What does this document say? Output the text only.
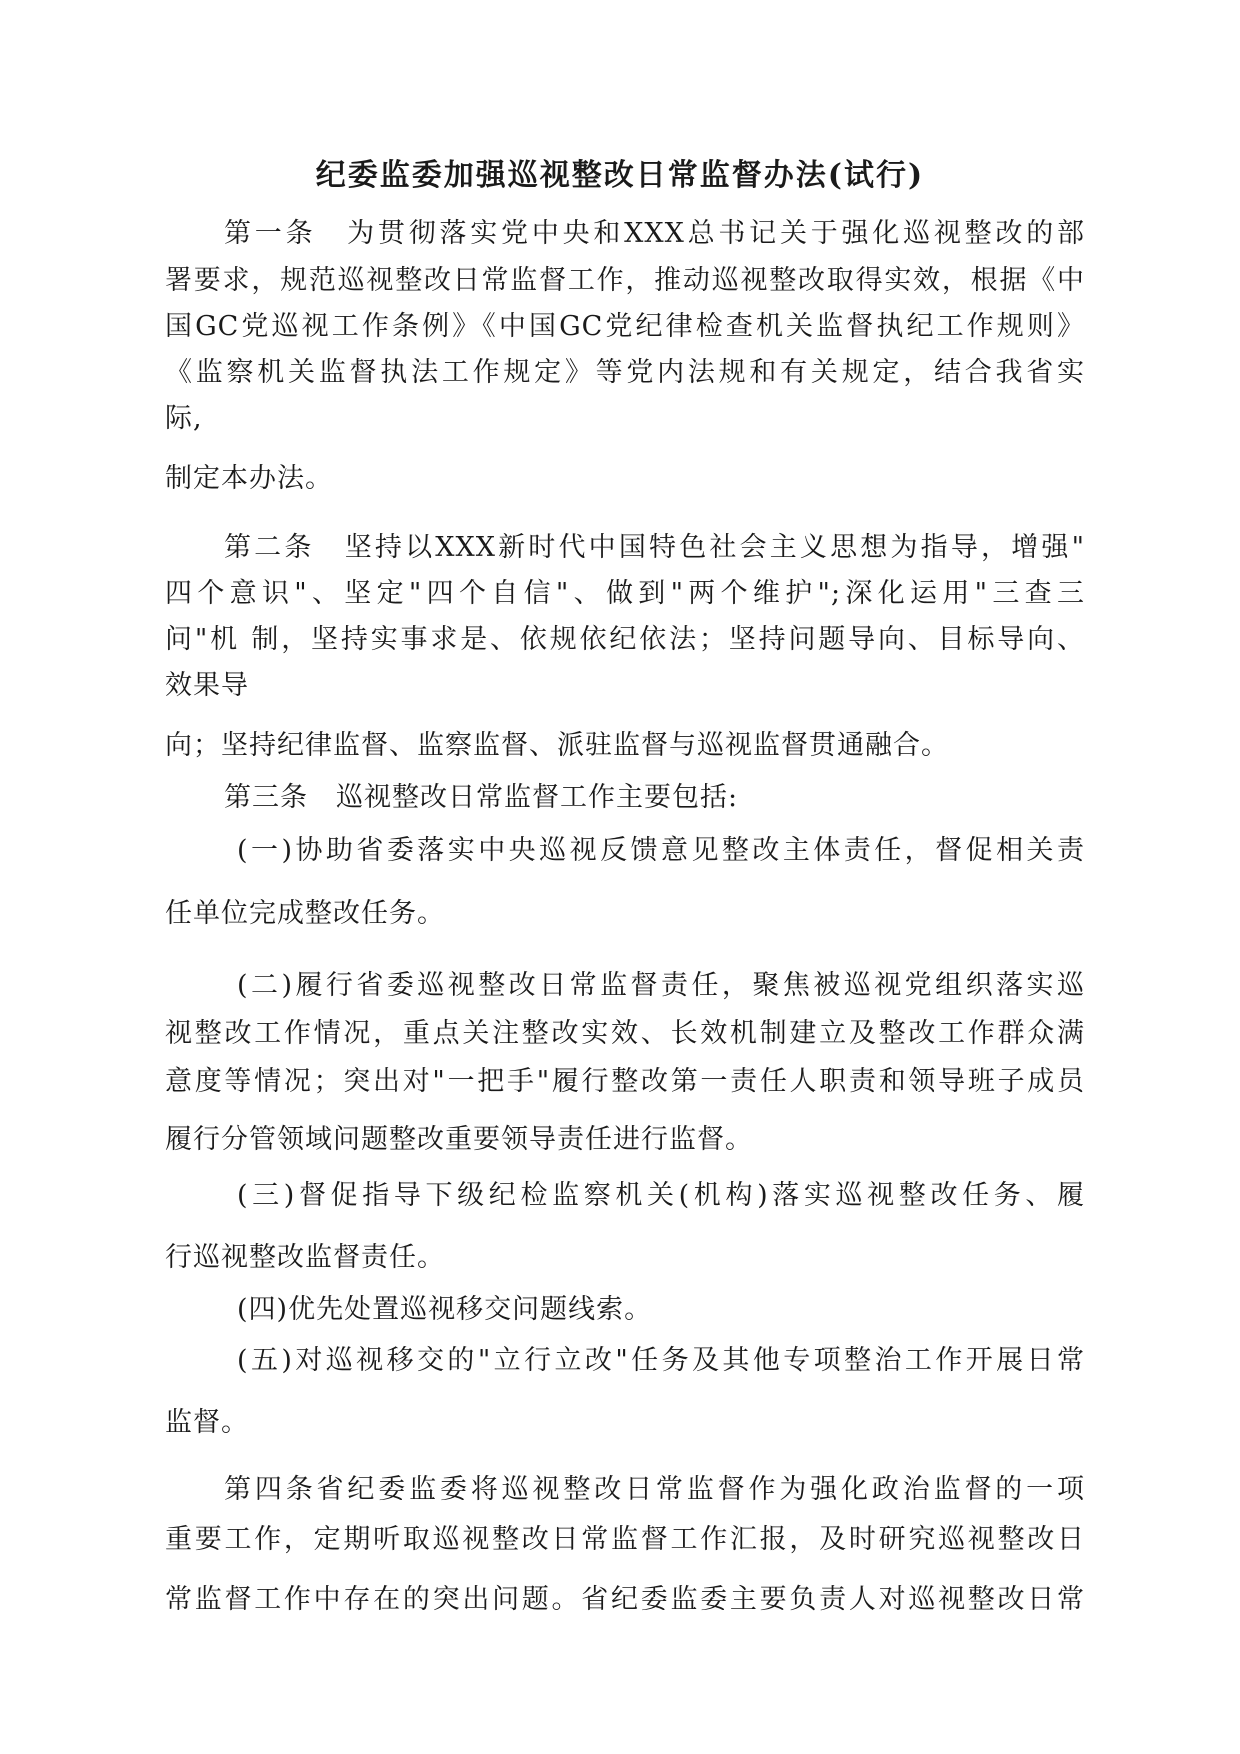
纪委监委加强巡视整改日常监督办法(试行)
第一条　为贯彻落实党中央和XXX总书记关于强化巡视整改的部
署要求，规范巡视整改日常监督工作，推动巡视整改取得实效，根据《中
国GC党巡视工作条例》《中国GC党纪律检查机关监督执纪工作规则》
《监察机关监督执法工作规定》等党内法规和有关规定，结合我省实
际,
制定本办法。
第二条　坚持以XXX新时代中国特色社会主义思想为指导，增强"
四个意识"、坚定"四个自信"、做到"两个维护";深化运用"三查三
问"机 制，坚持实事求是、依规依纪依法；坚持问题导向、目标导向、
效果导
向；坚持纪律监督、监察监督、派驻监督与巡视监督贯通融合。
第三条　巡视整改日常监督工作主要包括:
(一)协助省委落实中央巡视反馈意见整改主体责任，督促相关责
任单位完成整改任务。
(二)履行省委巡视整改日常监督责任，聚焦被巡视党组织落实巡
视整改工作情况，重点关注整改实效、长效机制建立及整改工作群众满
意度等情况；突出对"一把手"履行整改第一责任人职责和领导班子成员
履行分管领域问题整改重要领导责任进行监督。
(三)督促指导下级纪检监察机关(机构)落实巡视整改任务、履
行巡视整改监督责任。
(四)优先处置巡视移交问题线索。
(五)对巡视移交的"立行立改"任务及其他专项整治工作开展日常
监督。
第四条省纪委监委将巡视整改日常监督作为强化政治监督的一项
重要工作，定期听取巡视整改日常监督工作汇报，及时研究巡视整改日
常监督工作中存在的突出问题。省纪委监委主要负责人对巡视整改日常
